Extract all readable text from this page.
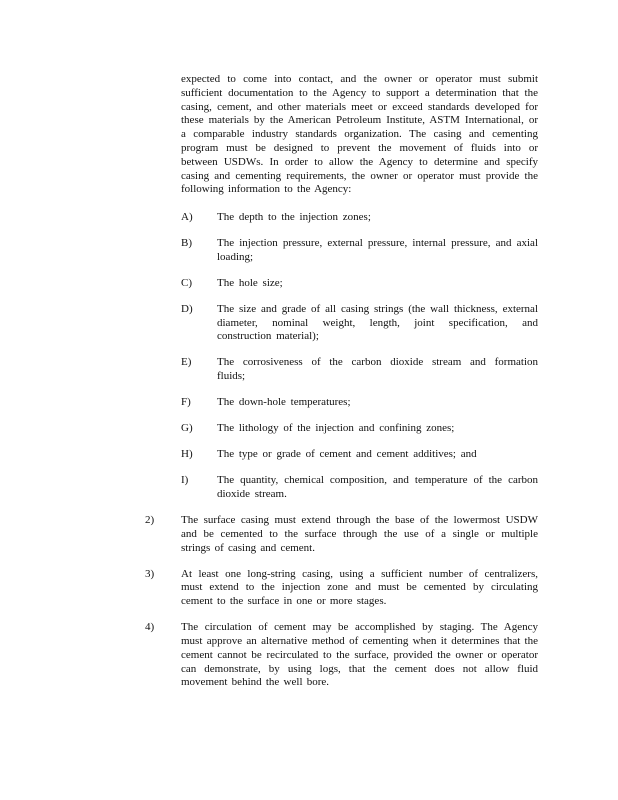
expected to come into contact, and the owner or operator must submit sufficient documentation to the Agency to support a determination that the casing, cement, and other materials meet or exceed standards developed for these materials by the American Petroleum Institute, ASTM International, or a comparable industry standards organization. The casing and cementing program must be designed to prevent the movement of fluids into or between USDWs. In order to allow the Agency to determine and specify casing and cementing requirements, the owner or operator must provide the following information to the Agency:

A)	The depth to the injection zones;
B)	The injection pressure, external pressure, internal pressure, and axial loading;
C)	The hole size;
D)	The size and grade of all casing strings (the wall thickness, external diameter, nominal weight, length, joint specification, and construction material);
E)	The corrosiveness of the carbon dioxide stream and formation fluids;
F)	The down-hole temperatures;
G)	The lithology of the injection and confining zones;
H)	The type or grade of cement and cement additives; and
I)	The quantity, chemical composition, and temperature of the carbon dioxide stream.
2)	The surface casing must extend through the base of the lowermost USDW and be cemented to the surface through the use of a single or multiple strings of casing and cement.
3)	At least one long-string casing, using a sufficient number of centralizers, must extend to the injection zone and must be cemented by circulating cement to the surface in one or more stages.
4)	The circulation of cement may be accomplished by staging. The Agency must approve an alternative method of cementing when it determines that the cement cannot be recirculated to the surface, provided the owner or operator can demonstrate, by using logs, that the cement does not allow fluid movement behind the well bore.
